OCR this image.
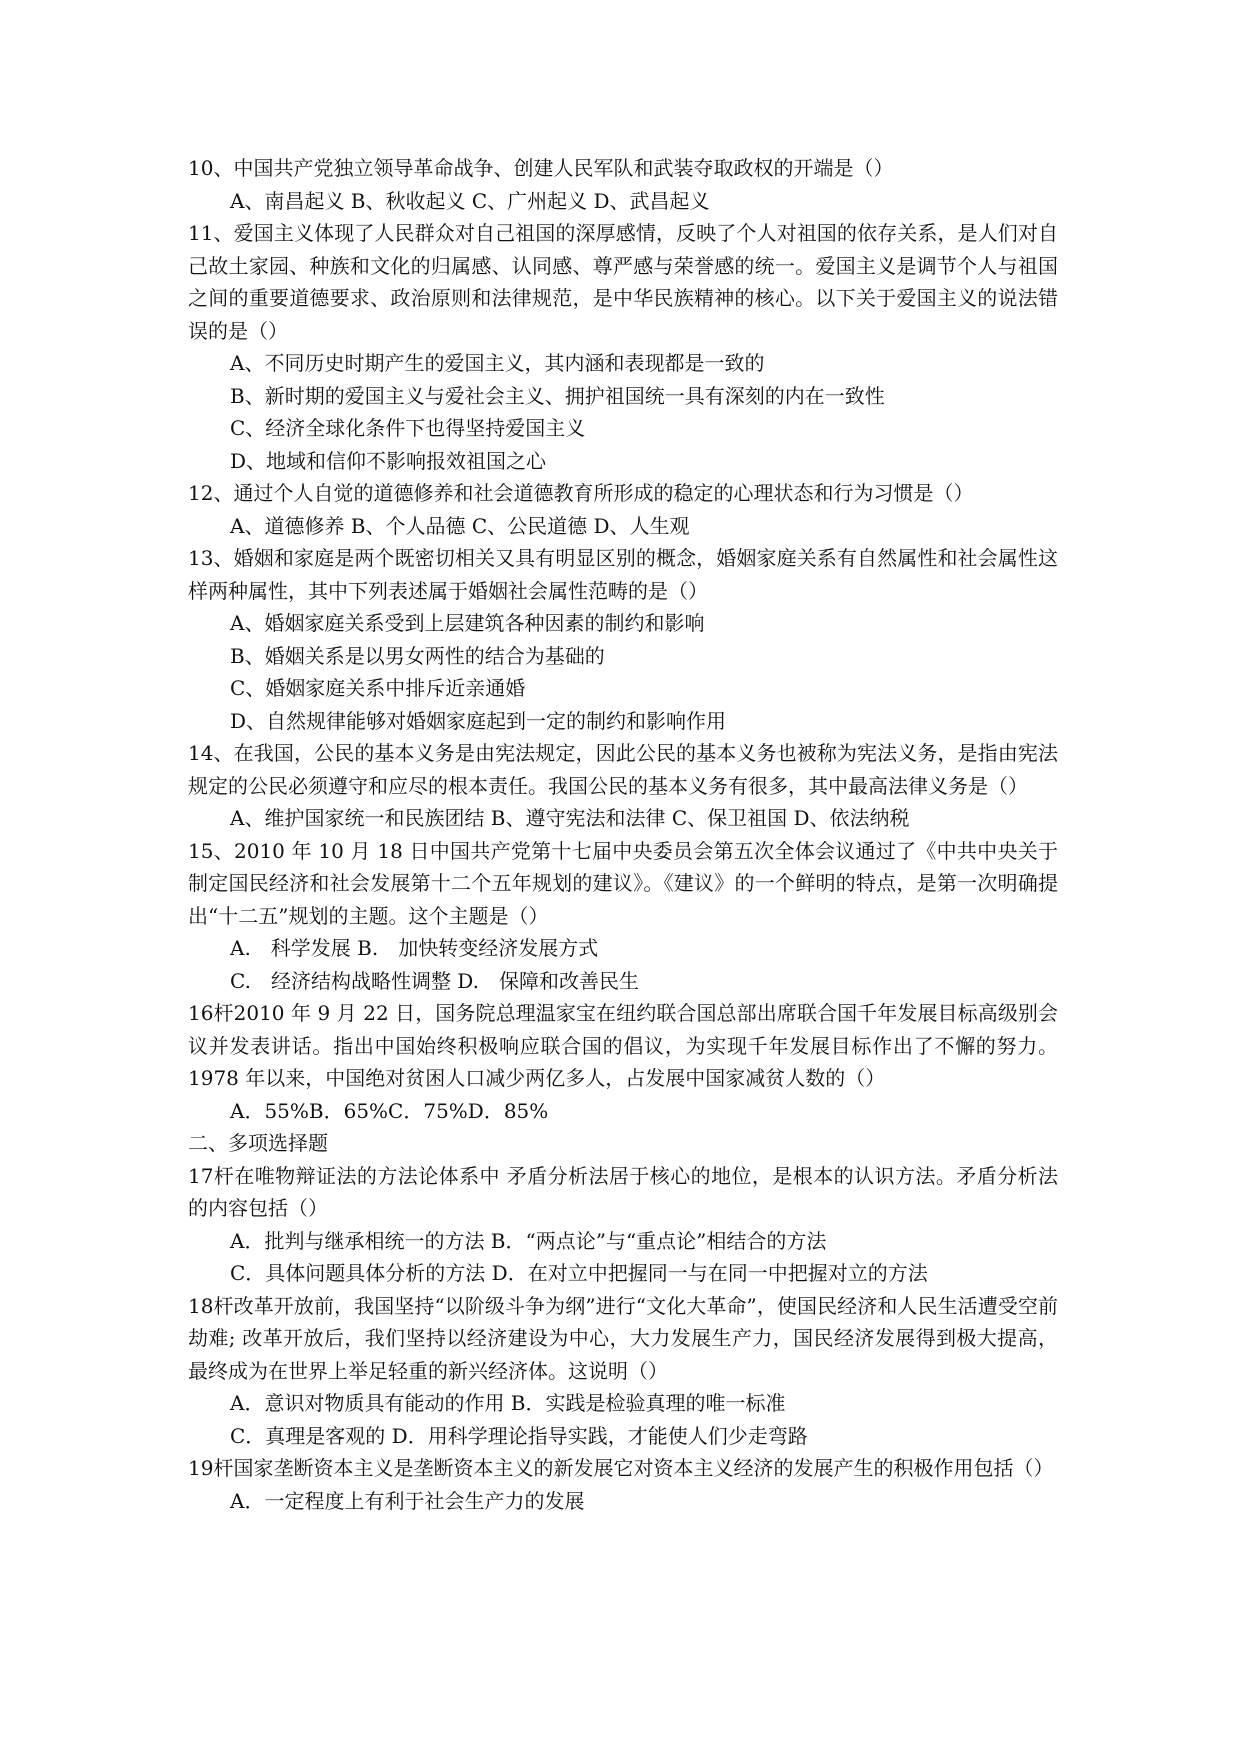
10、中国共产党独立领导革命战争、创建人民军队和武装夺取政权的开端是（）

A、南昌起义 B、秋收起义 C、广州起义 D、武昌起义

11、爱国主义体现了人民群众对自己祖国的深厚感情，反映了个人对祖国的依存关系，是人们对自己故土家园、种族和文化的归属感、认同感、尊严感与荣誉感的统一。爱国主义是调节个人与祖国之间的重要道德要求、政治原则和法律规范，是中华民族精神的核心。以下关于爱国主义的说法错误的是（）

A、不同历史时期产生的爱国主义，其内涵和表现都是一致的

B、新时期的爱国主义与爱社会主义、拥护祖国统一具有深刻的内在一致性

C、经济全球化条件下也得坚持爱国主义

D、地域和信仰不影响报效祖国之心

12、通过个人自觉的道德修养和社会道德教育所形成的稳定的心理状态和行为习惯是（）

A、道德修养 B、个人品德 C、公民道德 D、人生观

13、婚姻和家庭是两个既密切相关又具有明显区别的概念，婚姻家庭关系有自然属性和社会属性这样两种属性，其中下列表述属于婚姻社会属性范畴的是（）

A、婚姻家庭关系受到上层建筑各种因素的制约和影响

B、婚姻关系是以男女两性的结合为基础的

C、婚姻家庭关系中排斥近亲通婚

D、自然规律能够对婚姻家庭起到一定的制约和影响作用

14、在我国，公民的基本义务是由宪法规定，因此公民的基本义务也被称为宪法义务，是指由宪法规定的公民必须遵守和应尽的根本责任。我国公民的基本义务有很多，其中最高法律义务是（）

A、维护国家统一和民族团结 B、遵守宪法和法律 C、保卫祖国 D、依法纳税

15、2010 年 10 月 18 日中国共产党第十七届中央委员会第五次全体会议通过了《中共中央关于制定国民经济和社会发展第十二个五年规划的建议》。《建议》的一个鲜明的特点，是第一次明确提出“十二五”规划的主题。这个主题是（）

A.　科学发展 B.　加快转变经济发展方式

C.　经济结构战略性调整 D.　保障和改善民生

16杆2010 年 9 月 22 日，国务院总理温家宝在纽约联合国总部出席联合国千年发展目标高级别会议并发表讲话。指出中国始终积极响应联合国的倡议，为实现千年发展目标作出了不懈的努力。1978 年以来，中国绝对贫困人口减少两亿多人，占发展中国家减贫人数的（）

A．55%B．65%C．75%D．85%

二、多项选择题

17杆在唯物辩证法的方法论体系中 矛盾分析法居于核心的地位，是根本的认识方法。矛盾分析法的内容包括（）

A．批判与继承相统一的方法 B．“两点论”与“重点论”相结合的方法

C．具体问题具体分析的方法 D．在对立中把握同一与在同一中把握对立的方法

18杆改革开放前，我国坚持“以阶级斗争为纲”进行“文化大革命”，使国民经济和人民生活遭受空前劫难; 改革开放后，我们坚持以经济建设为中心，大力发展生产力，国民经济发展得到极大提高，最终成为在世界上举足轻重的新兴经济体。这说明（）

A．意识对物质具有能动的作用 B．实践是检验真理的唯一标准

C．真理是客观的 D．用科学理论指导实践，才能使人们少走弯路

19杆国家垄断资本主义是垄断资本主义的新发展它对资本主义经济的发展产生的积极作用包括（）

A．一定程度上有利于社会生产力的发展
